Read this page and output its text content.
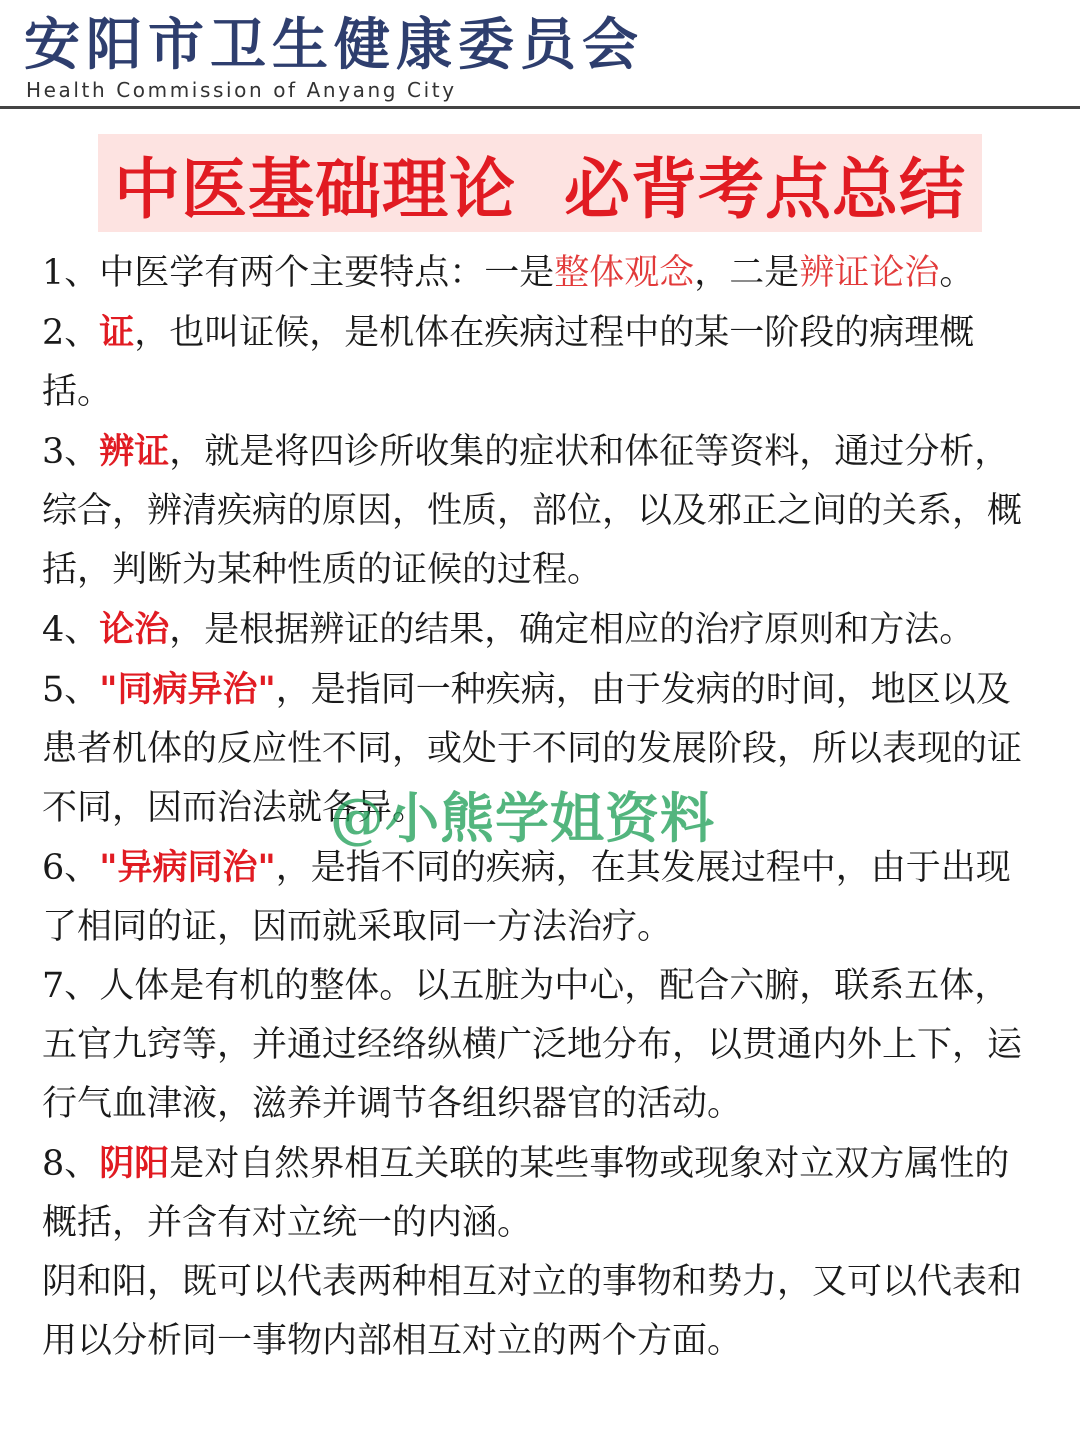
安阳市卫生健康委员会
Health Commission of Anyang City
中医基础理论  必背考点总结

1、中医学有两个主要特点：一是整体观念，二是辨证论治。

2、证，也叫证候，是机体在疾病过程中的某一阶段的病理概括。

3、辨证，就是将四诊所收集的症状和体征等资料，通过分析，综合，辨清疾病的原因，性质，部位，以及邪正之间的关系，概括，判断为某种性质的证候的过程。

4、论治，是根据辨证的结果，确定相应的治疗原则和方法。

5、"同病异治"，是指同一种疾病，由于发病的时间，地区以及患者机体的反应性不同，或处于不同的发展阶段，所以表现的证不同，因而治法就各异。

6、"异病同治"，是指不同的疾病，在其发展过程中，由于出现了相同的证，因而就采取同一方法治疗。

7、人体是有机的整体。以五脏为中心，配合六腑，联系五体，五官九窍等，并通过经络纵横广泛地分布，以贯通内外上下，运行气血津液，滋养并调节各组织器官的活动。

8、阴阳是对自然界相互关联的某些事物或现象对立双方属性的概括，并含有对立统一的内涵。

阴和阳，既可以代表两种相互对立的事物和势力，又可以代表和用以分析同一事物内部相互对立的两个方面。

@小熊学姐资料
